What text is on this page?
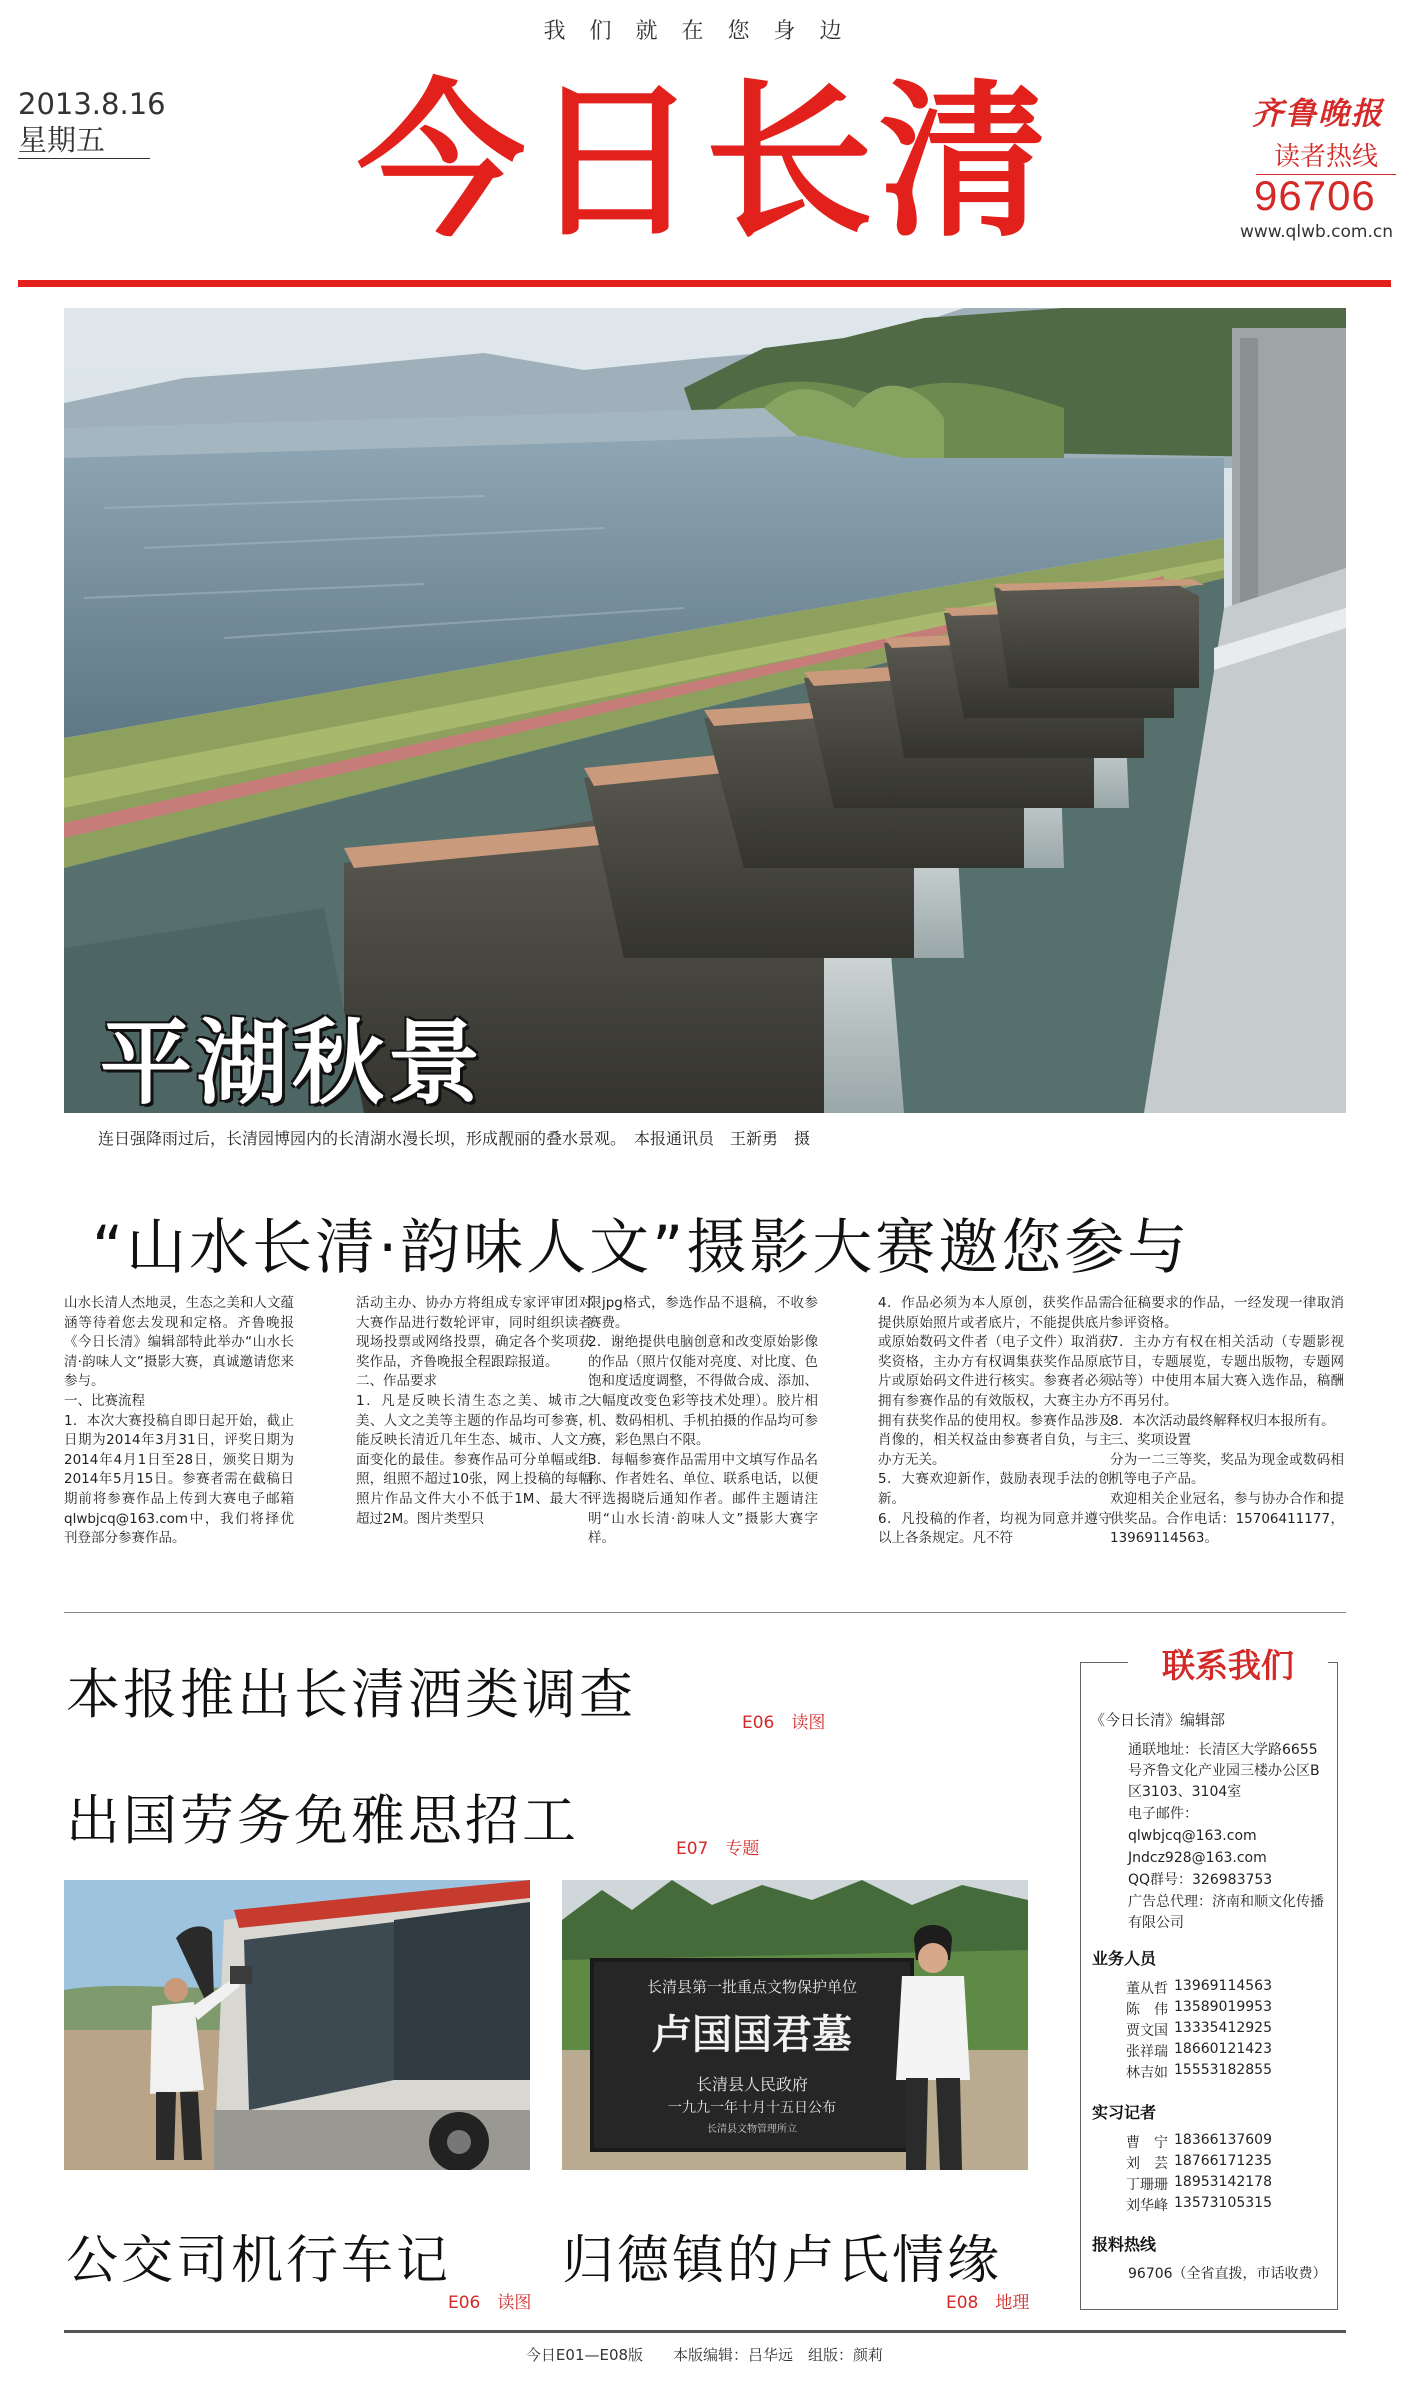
我们就在您身边
2013.8.16
星期五 今日长清	齐鲁晚报
读者热线
96706
www.qlwb.com.cn
平湖秋景
连日强降雨过后，长清园博园内的长清湖水漫长坝，形成靓丽的叠水景观。　本报通讯员　王新勇　摄
“山水长清·韵味人文”摄影大赛邀您参与
山水长清人杰地灵，生态之美和人文蕴涵等待着您去发现和定格。齐鲁晚报《今日长清》编辑部特此举办“山水长清·韵味人文”摄影大赛，真诚邀请您来参与。
一、比赛流程
1．本次大赛投稿自即日起开始，截止日期为2014年3月31日，评奖日期为2014年4月1日至28日，颁奖日期为2014年5月15日。参赛者需在截稿日期前将参赛作品上传到大赛电子邮箱qlwbjcq@163.com中，我们将择优刊登部分参赛作品。
活动主办、协办方将组成专家评审团对大赛作品进行数轮评审，同时组织读者现场投票或网络投票，确定各个奖项获奖作品，齐鲁晚报全程跟踪报道。
二、作品要求
1．凡是反映长清生态之美、城市之美、人文之美等主题的作品均可参赛，能反映长清近几年生态、城市、人文方面变化的最佳。参赛作品可分单幅或组照，组照不超过10张，网上投稿的每幅照片作品文件大小不低于1M、最大不超过2M。图片类型只
限jpg格式，参选作品不退稿，不收参赛费。
2．谢绝提供电脑创意和改变原始影像的作品（照片仅能对亮度、对比度、色饱和度适度调整，不得做合成、添加、大幅度改变色彩等技术处理）。胶片相机、数码相机、手机拍摄的作品均可参赛，彩色黑白不限。
3．每幅参赛作品需用中文填写作品名称、作者姓名、单位、联系电话，以便评选揭晓后通知作者。邮件主题请注明“山水长清·韵味人文”摄影大赛字样。
4．作品必须为本人原创，获奖作品需提供原始照片或者底片，不能提供底片或原始数码文件者（电子文件）取消获奖资格，主办方有权调集获奖作品原底片或原始码文件进行核实。参赛者必须拥有参赛作品的有效版权，大赛主办方拥有获奖作品的使用权。参赛作品涉及肖像的，相关权益由参赛者自负，与主办方无关。
5．大赛欢迎新作，鼓励表现手法的创新。
6．凡投稿的作者，均视为同意并遵守以上各条规定。凡不符
合征稿要求的作品，一经发现一律取消参评资格。
7．主办方有权在相关活动（专题影视节目，专题展览，专题出版物，专题网站等）中使用本届大赛入选作品，稿酬不再另付。
8．本次活动最终解释权归本报所有。
三、奖项设置
分为一二三等奖，奖品为现金或数码相机等电子产品。
欢迎相关企业冠名，参与协办合作和提供奖品。合作电话：15706411177，13969114563。
本报推出长清酒类调查	E06　读图
出国劳务免雅思招工	E07　专题
联系我们
《今日长清》编辑部
通联地址：长清区大学路6655号齐鲁文化产业园三楼办公区B区3103、3104室
电子邮件：
qlwbjcq@163.com
Jndcz928@163.com
QQ群号：326983753
广告总代理：济南和顺文化传播有限公司
业务人员
董从哲 13969114563
陈　伟 13589019953
贾文国 13335412925
张祥瑞 18660121423
林吉如 15553182855
实习记者
曹　宁 18366137609
刘　芸 18766171235
丁珊珊 18953142178
刘华峰 13573105315
报料热线
96706（全省直拨，市话收费）
长清县第一批重点文物保护单位
卢国国君墓
长清县人民政府
一九九一年十月十五日公布
长清县文物管理所立
公交司机行车记
E06　读图
归德镇的卢氏情缘
E08　地理
今日E01—E08版　　本版编辑：吕华远　组版：颜莉
